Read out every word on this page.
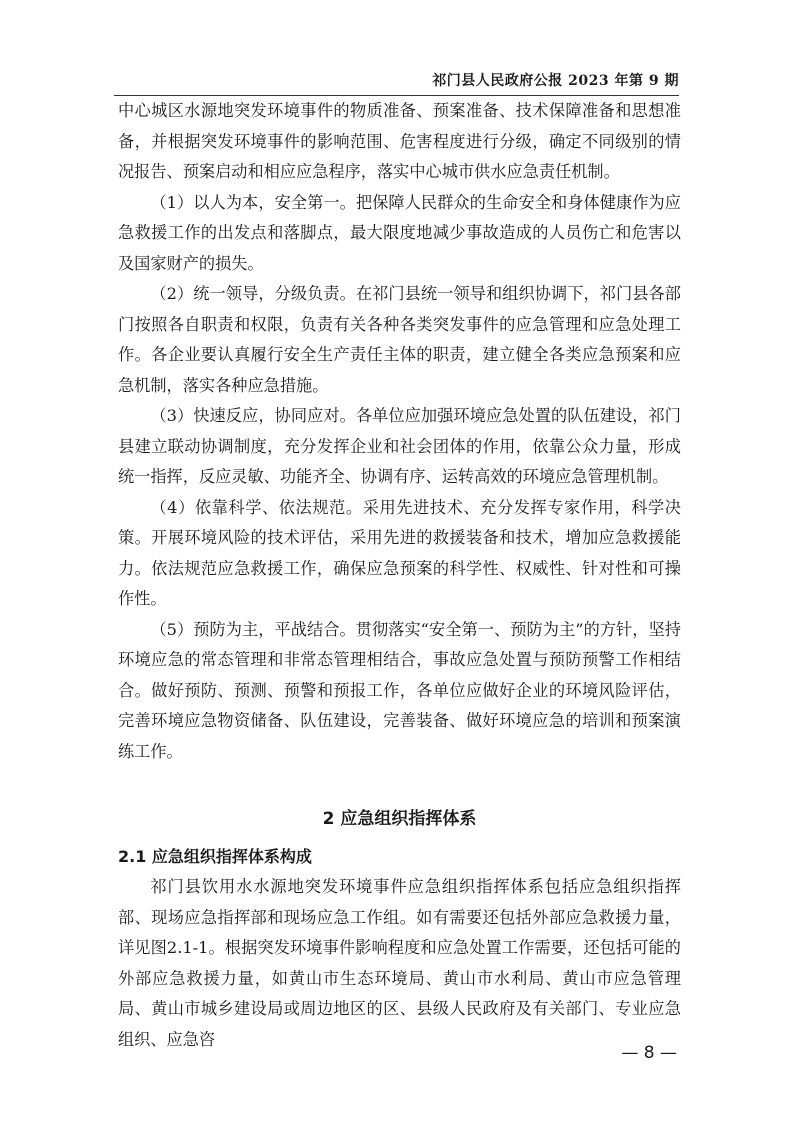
祁门县人民政府公报 2023 年第 9 期

中心城区水源地突发环境事件的物质准备、预案准备、技术保障准备和思想准备，并根据突发环境事件的影响范围、危害程度进行分级，确定不同级别的情况报告、预案启动和相应应急程序，落实中心城市供水应急责任机制。

（1）以人为本，安全第一。把保障人民群众的生命安全和身体健康作为应急救援工作的出发点和落脚点，最大限度地减少事故造成的人员伤亡和危害以及国家财产的损失。

（2）统一领导，分级负责。在祁门县统一领导和组织协调下，祁门县各部门按照各自职责和权限，负责有关各种各类突发事件的应急管理和应急处理工作。各企业要认真履行安全生产责任主体的职责，建立健全各类应急预案和应急机制，落实各种应急措施。

（3）快速反应，协同应对。各单位应加强环境应急处置的队伍建设，祁门县建立联动协调制度，充分发挥企业和社会团体的作用，依靠公众力量，形成统一指挥，反应灵敏、功能齐全、协调有序、运转高效的环境应急管理机制。

（4）依靠科学、依法规范。采用先进技术、充分发挥专家作用，科学决策。开展环境风险的技术评估，采用先进的救援装备和技术，增加应急救援能力。依法规范应急救援工作，确保应急预案的科学性、权威性、针对性和可操作性。

（5）预防为主，平战结合。贯彻落实“安全第一、预防为主”的方针，坚持环境应急的常态管理和非常态管理相结合，事故应急处置与预防预警工作相结合。做好预防、预测、预警和预报工作，各单位应做好企业的环境风险评估，完善环境应急物资储备、队伍建设，完善装备、做好环境应急的培训和预案演练工作。

2 应急组织指挥体系
2.1 应急组织指挥体系构成

祁门县饮用水水源地突发环境事件应急组织指挥体系包括应急组织指挥部、现场应急指挥部和现场应急工作组。如有需要还包括外部应急救援力量，详见图2.1-1。根据突发环境事件影响程度和应急处置工作需要，还包括可能的外部应急救援力量，如黄山市生态环境局、黄山市水利局、黄山市应急管理局、黄山市城乡建设局或周边地区的区、县级人民政府及有关部门、专业应急组织、应急咨

— 8 —
